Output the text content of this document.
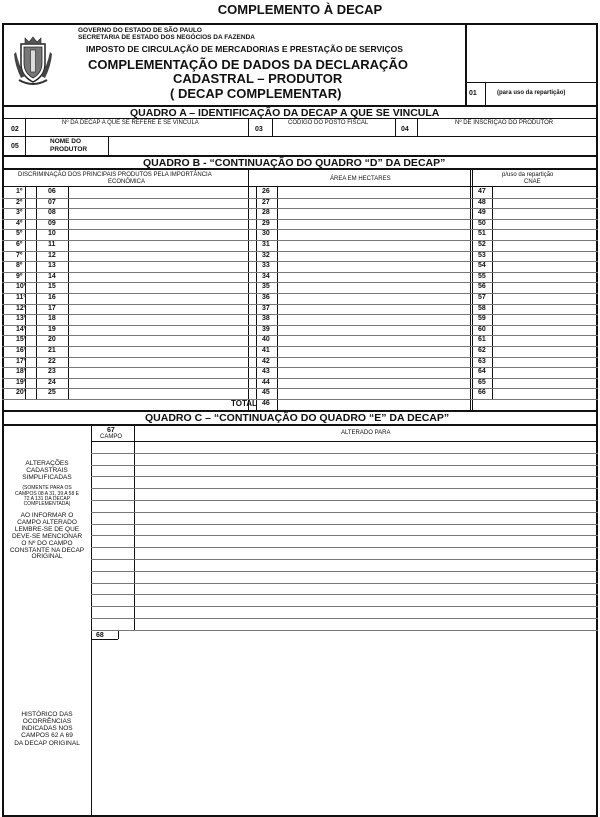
COMPLEMENTO À DECAP
GOVERNO DO ESTADO DE SÃO PAULO
SECRETARIA DE ESTADO DOS NEGÓCIOS DA FAZENDA
IMPOSTO DE CIRCULAÇÃO DE MERCADORIAS E PRESTAÇÃO DE SERVIÇOS
COMPLEMENTAÇÃO DE DADOS DA DECLARAÇÃO
CADASTRAL – PRODUTOR
( DECAP COMPLEMENTAR)	01	(para uso da repartição)
QUADRO A – IDENTIFICAÇÃO DA DECAP A QUE SE VINCULA
02
Nº DA DECAP A QUE SE REFERE E SE VINCULA
03
CÓDIGO DO POSTO FISCAL
04
Nº DE INSCRIÇÃO DO PRODUTOR
05
NOME DO
PRODUTOR
QUADRO B - “CONTINUAÇÃO DO QUADRO “D” DA DECAP”
DISCRIMINAÇÃO DOS PRINCIPAIS PRODUTOS PELA IMPORTÂNCIA
ECONÔMICA	ÁREA EM HECTARES
p/uso da repartição
CNAE
QUADRO C – “CONTINUAÇÃO DO QUADRO “E” DA DECAP”
67
CAMPO
ALTERADO PARA
ALTERAÇÕES
CADASTRAIS
SIMPLIFICADAS
(SOMENTE PARA OS
CAMPOS 08 A 31, 39 A 58 E
72 A 131 DA DECAP
COMPLEMENTADA)
AO INFORMAR O
CAMPO ALTERADO
LEMBRE-SE DE QUE
DEVE-SE MENCIONAR
O Nº DO CAMPO
CONSTANTE NA DECAP
ORIGINAL
68
HISTÓRICO DAS
OCORRÊNCIAS
INDICADAS NOS
CAMPOS 62 A 69
DA DECAP ORIGINAL
1º	06	26	47
2º	07	27	48
3º	08	28	49
4º	09	29	50
5º	10	30	51
6º	11	31	52
7º	12	32	53
8º	13	33	54
9º	14	34	55
10º	15	35	56
11º	16	36	57
12º	17	37	58
13º	18	38	59
14º	19	39	60
15º	20	40	61
16º	21	41	62
17º	22	42	63
18º	23	43	64
19º	24	44	65
20º	25	45	66
TOTAL 46
